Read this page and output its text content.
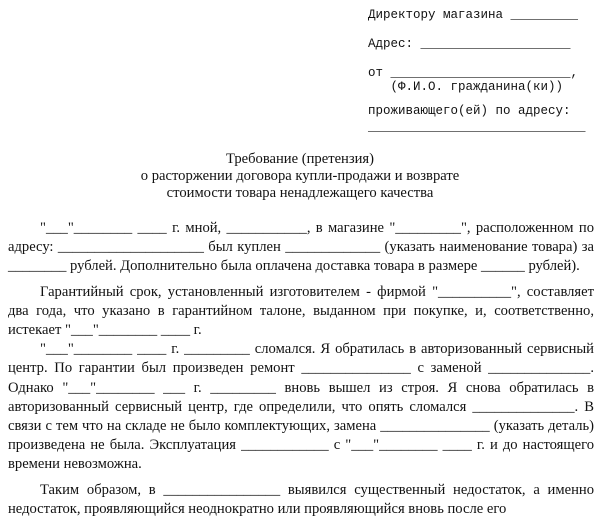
Директору магазина _________
Адрес: ____________________
от ________________________,
(Ф.И.О. гражданина(ки))
проживающего(ей) по адресу:
_____________________________
Требование (претензия)
о расторжении договора купли-продажи и возврате
стоимости товара ненадлежащего качества

"___"________ ____ г. мной, ___________, в магазине "_________", расположенном по адресу: ____________________ был куплен _____________ (указать наименование товара) за ________ рублей. Дополнительно была оплачена доставка товара в размере ______ рублей).

Гарантийный срок, установленный изготовителем - фирмой "__________", составляет два года, что указано в гарантийном талоне, выданном при покупке, и, соответственно, истекает "___"________ ____ г.

"___"________ ____ г. _________ сломался. Я обратилась в авторизованный сервисный центр. По гарантии был произведен ремонт _______________ с заменой ______________. Однако "___"________ ___ г. _________ вновь вышел из строя. Я снова обратилась в авторизованный сервисный центр, где определили, что опять сломался ______________. В связи с тем что на складе не было комплектующих, замена _______________ (указать деталь) произведена не была. Эксплуатация ____________ с "___"________ ____ г. и до настоящего времени невозможна.

Таким образом, в ________________ выявился существенный недостаток, а именно недостаток, проявляющийся неоднократно или проявляющийся вновь после его
